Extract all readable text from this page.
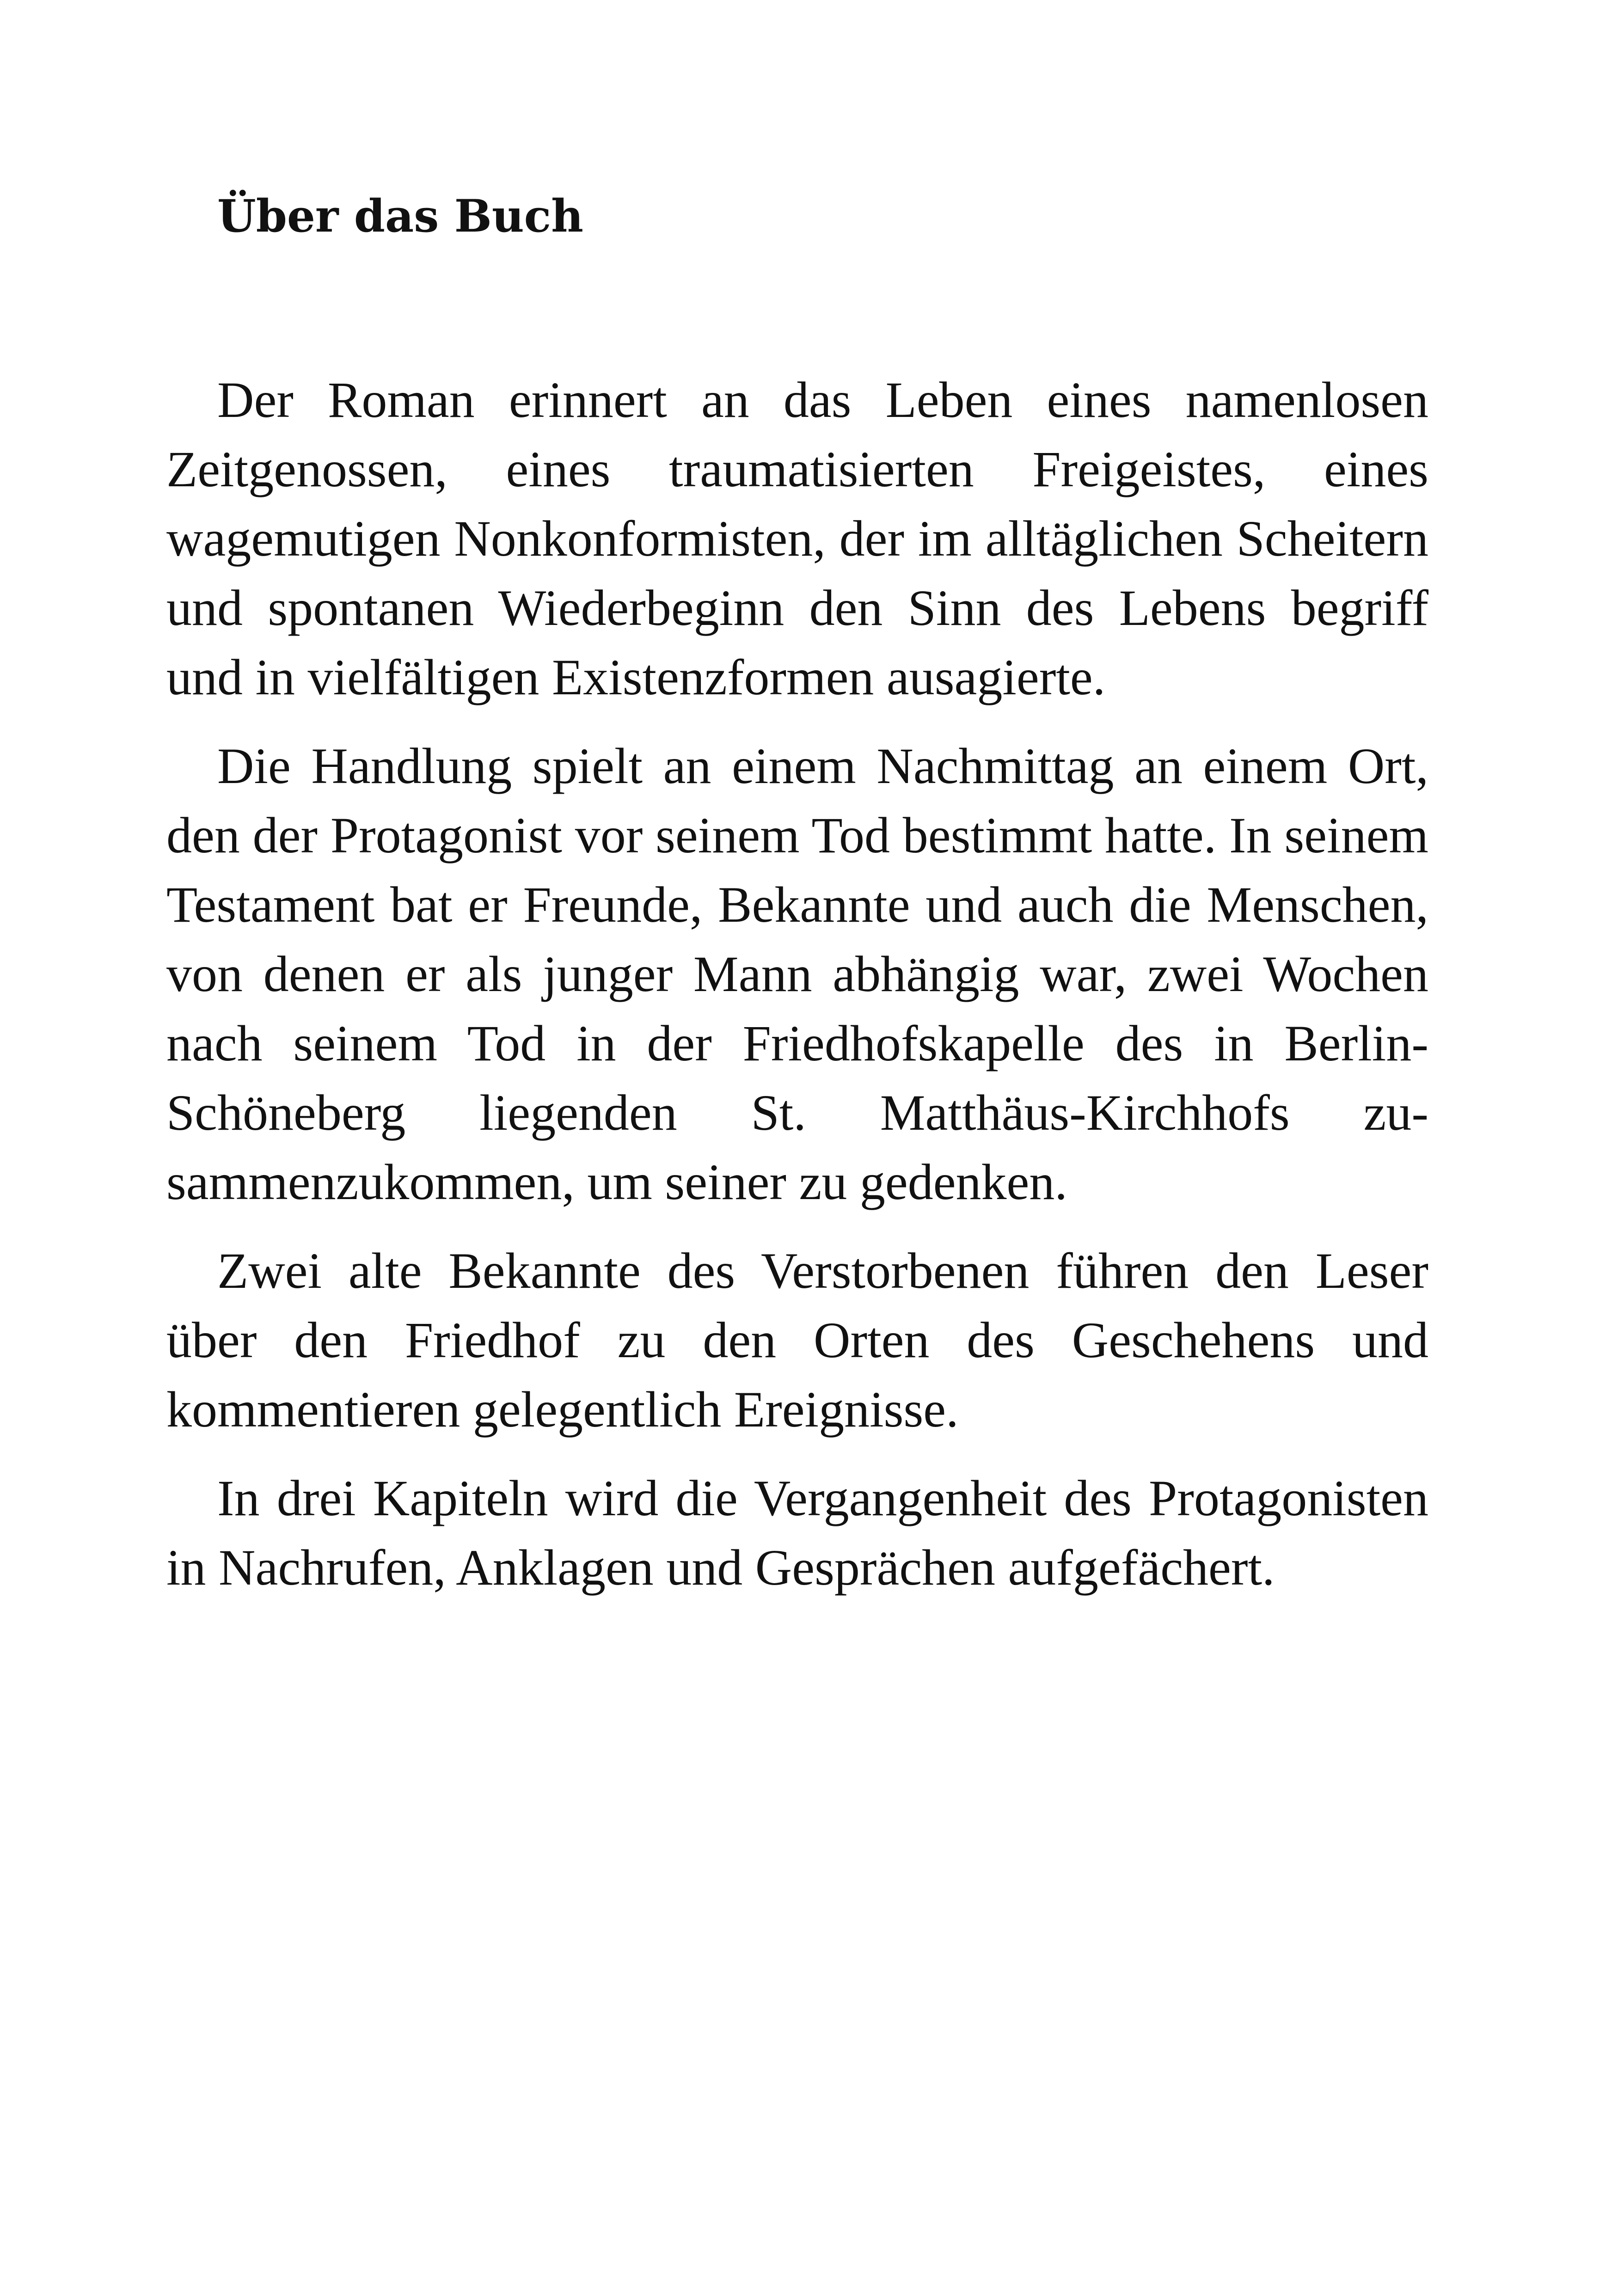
Über das Buch

Der Roman erinnert an das Leben eines namenlosen Zeitgenossen, eines traumatisierten Freigeistes, eines wagemutigen Nonkonformisten, der im alltäglichen Scheitern und spontanen Wiederbeginn den Sinn des Lebens begriff und in vielfältigen Existenzformen ausagierte.

Die Handlung spielt an einem Nachmittag an einem Ort, den der Protagonist vor seinem Tod bestimmt hatte. In seinem Testament bat er Freunde, Bekannte und auch die Menschen, von denen er als junger Mann abhängig war, zwei Wochen nach seinem Tod in der Friedhofskapelle des in Berlin-Schöneberg liegenden St. Matthäus-Kirchhofs zusammenzukommen, um seiner zu gedenken.

Zwei alte Bekannte des Verstorbenen führen den Leser über den Friedhof zu den Orten des Geschehens und kommentieren gelegentlich Ereignisse.

In drei Kapiteln wird die Vergangenheit des Protagonisten in Nachrufen, Anklagen und Gesprächen aufgefächert.
